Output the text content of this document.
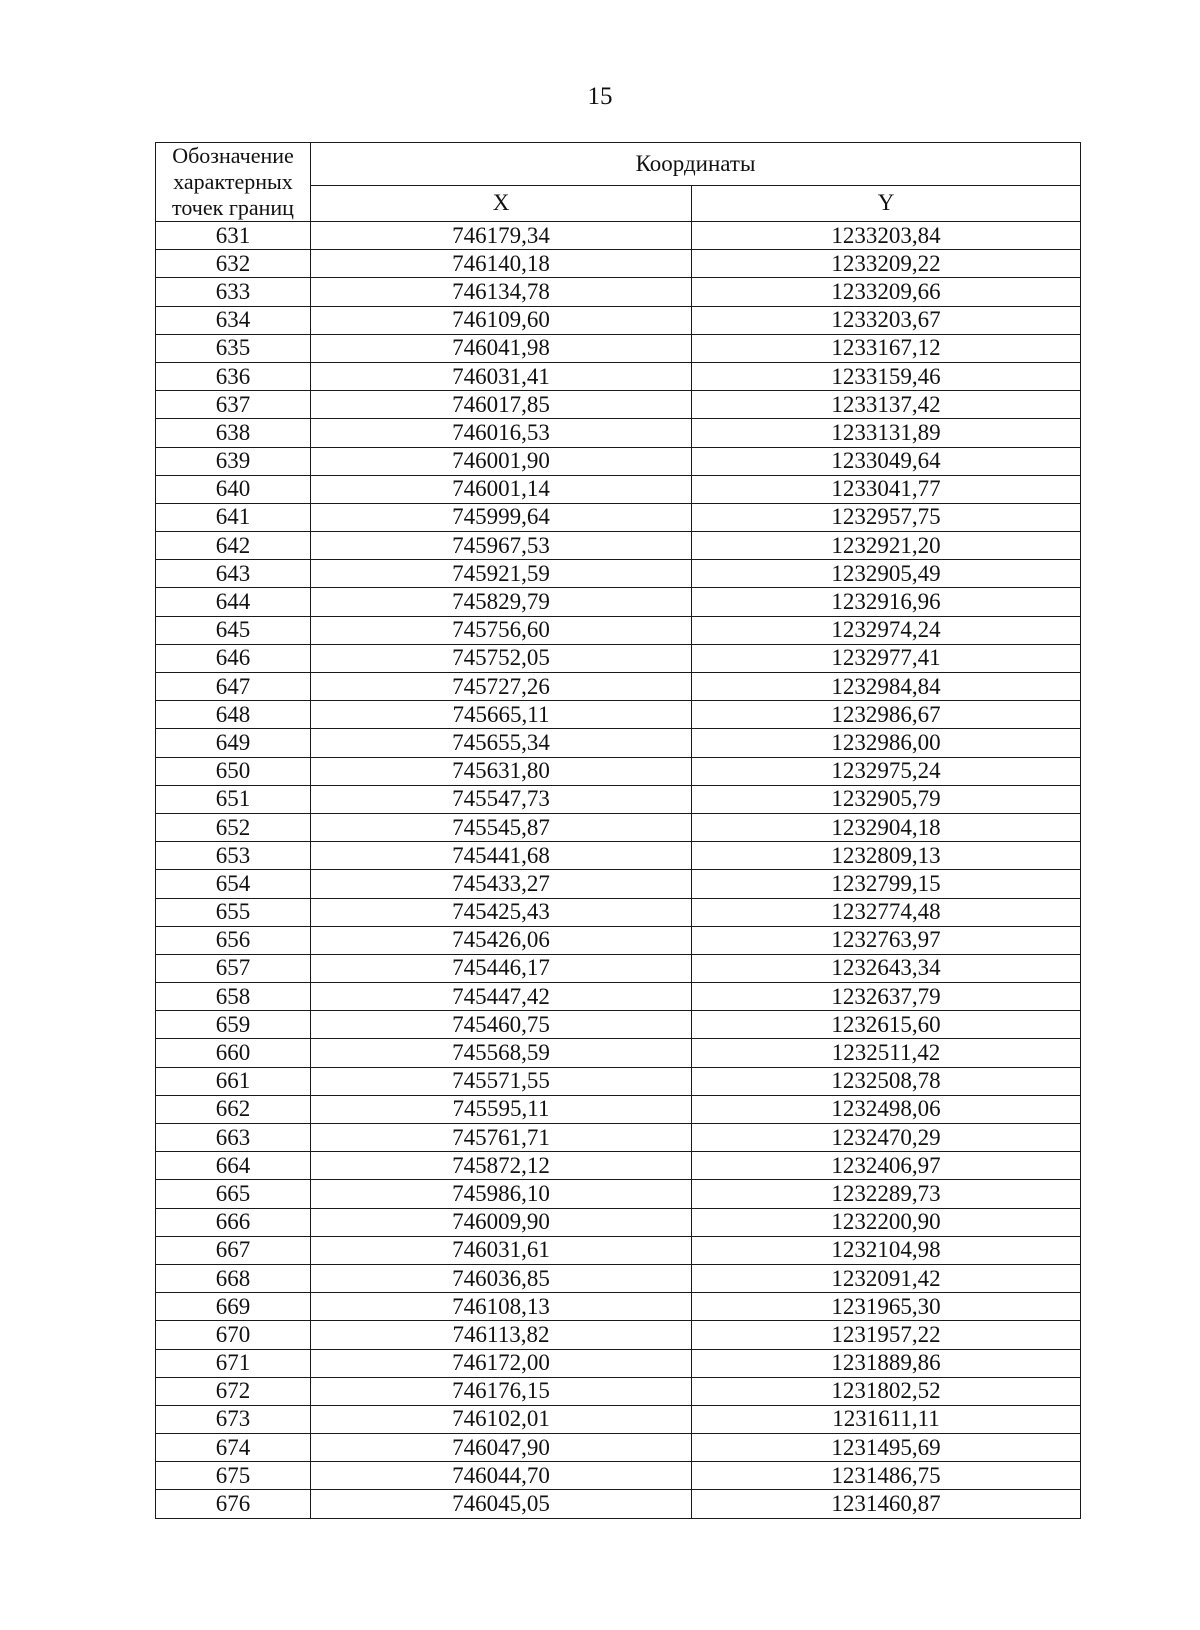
15
Обозначение характерных точек границ	Координаты	
	X	Y
631	746179,34	1233203,84
632	746140,18	1233209,22
633	746134,78	1233209,66
634	746109,60	1233203,67
635	746041,98	1233167,12
636	746031,41	1233159,46
637	746017,85	1233137,42
638	746016,53	1233131,89
639	746001,90	1233049,64
640	746001,14	1233041,77
641	745999,64	1232957,75
642	745967,53	1232921,20
643	745921,59	1232905,49
644	745829,79	1232916,96
645	745756,60	1232974,24
646	745752,05	1232977,41
647	745727,26	1232984,84
648	745665,11	1232986,67
649	745655,34	1232986,00
650	745631,80	1232975,24
651	745547,73	1232905,79
652	745545,87	1232904,18
653	745441,68	1232809,13
654	745433,27	1232799,15
655	745425,43	1232774,48
656	745426,06	1232763,97
657	745446,17	1232643,34
658	745447,42	1232637,79
659	745460,75	1232615,60
660	745568,59	1232511,42
661	745571,55	1232508,78
662	745595,11	1232498,06
663	745761,71	1232470,29
664	745872,12	1232406,97
665	745986,10	1232289,73
666	746009,90	1232200,90
667	746031,61	1232104,98
668	746036,85	1232091,42
669	746108,13	1231965,30
670	746113,82	1231957,22
671	746172,00	1231889,86
672	746176,15	1231802,52
673	746102,01	1231611,11
674	746047,90	1231495,69
675	746044,70	1231486,75
676	746045,05	1231460,87
